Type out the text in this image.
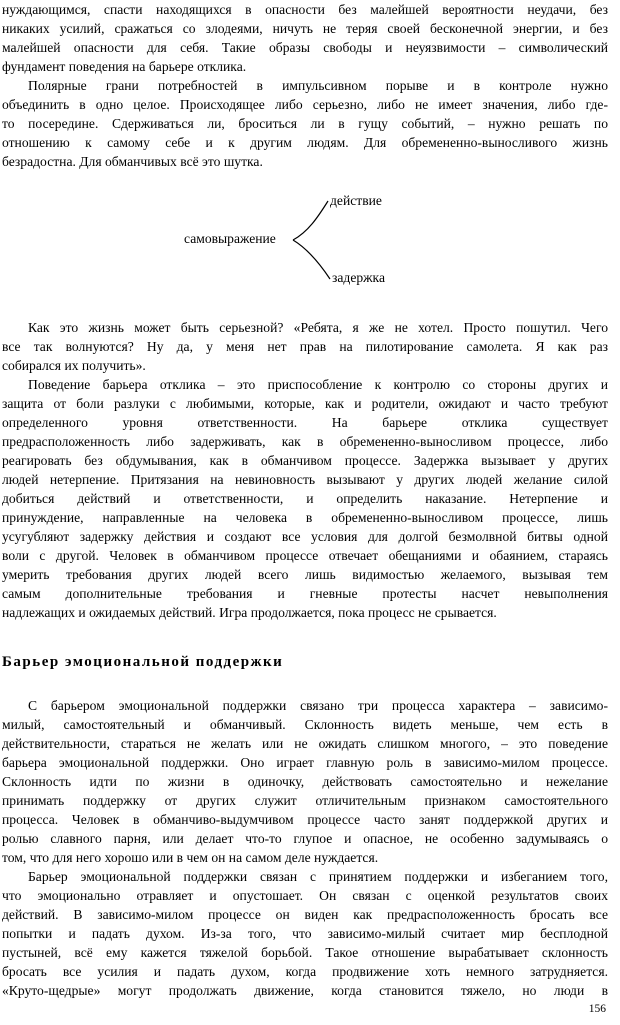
нуждающимся, спасти находящихся в опасности без малейшей вероятности неудачи, без
никаких усилий, сражаться со злодеями, ничуть не теряя своей бесконечной энергии, и без
малейшей опасности для себя. Такие образы свободы и неуязвимости – символический
фундамент поведения на барьере отклика.
Полярные грани потребностей в импульсивном порыве и в контроле нужно
объединить в одно целое. Происходящее либо серьезно, либо не имеет значения, либо где-
то посередине. Сдерживаться ли, броситься ли в гущу событий, – нужно решать по
отношению к самому себе и к другим людям. Для обремененно-выносливого жизнь
безрадостна. Для обманчивых всё это шутка.
самовыражение
действие
задержка
Как это жизнь может быть серьезной? «Ребята, я же не хотел. Просто пошутил. Чего
все так волнуются? Ну да, у меня нет прав на пилотирование самолета. Я как раз
собирался их получить».
Поведение барьера отклика – это приспособление к контролю со стороны других и
защита от боли разлуки с любимыми, которые, как и родители, ожидают и часто требуют
определенного уровня ответственности. На барьере отклика существует
предрасположенность либо задерживать, как в обремененно-выносливом процессе, либо
реагировать без обдумывания, как в обманчивом процессе. Задержка вызывает у других
людей нетерпение. Притязания на невиновность вызывают у других людей желание силой
добиться действий и ответственности, и определить наказание. Нетерпение и
принуждение, направленные на человека в обремененно-выносливом процессе, лишь
усугубляют задержку действия и создают все условия для долгой безмолвной битвы одной
воли с другой. Человек в обманчивом процессе отвечает обещаниями и обаянием, стараясь
умерить требования других людей всего лишь видимостью желаемого, вызывая тем
самым дополнительные требования и гневные протесты насчет невыполнения
надлежащих и ожидаемых действий. Игра продолжается, пока процесс не срывается.
Барьер эмоциональной поддержки
С барьером эмоциональной поддержки связано три процесса характера – зависимо-
милый, самостоятельный и обманчивый. Склонность видеть меньше, чем есть в
действительности, стараться не желать или не ожидать слишком многого, – это поведение
барьера эмоциональной поддержки. Оно играет главную роль в зависимо-милом процессе.
Склонность идти по жизни в одиночку, действовать самостоятельно и нежелание
принимать поддержку от других служит отличительным признаком самостоятельного
процесса. Человек в обманчиво-выдумчивом процессе часто занят поддержкой других и
ролью славного парня, или делает что-то глупое и опасное, не особенно задумываясь о
том, что для него хорошо или в чем он на самом деле нуждается.
Барьер эмоциональной поддержки связан с принятием поддержки и избеганием того,
что эмоционально отравляет и опустошает. Он связан с оценкой результатов своих
действий. В зависимо-милом процессе он виден как предрасположенность бросать все
попытки и падать духом. Из-за того, что зависимо-милый считает мир бесплодной
пустыней, всё ему кажется тяжелой борьбой. Такое отношение вырабатывает склонность
бросать все усилия и падать духом, когда продвижение хоть немного затрудняется.
«Круто-щедрые» могут продолжать движение, когда становится тяжело, но люди в
156
